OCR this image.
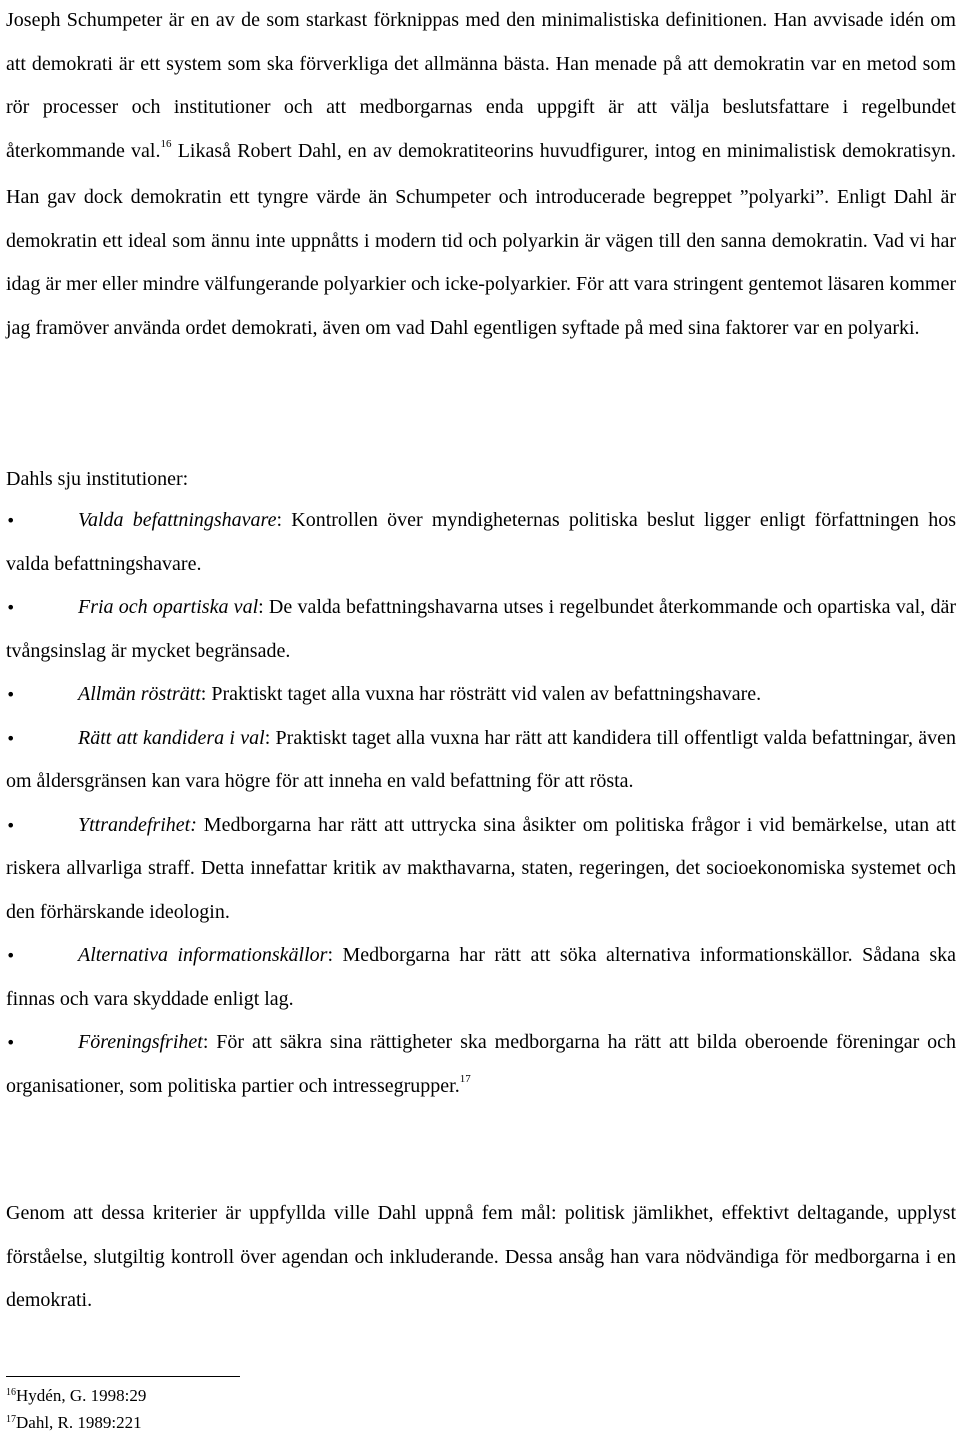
Joseph Schumpeter är en av de som starkast förknippas med den minimalistiska definitionen. Han avvisade idén om att demokrati är ett system som ska förverkliga det allmänna bästa. Han menade på att demokratin var en metod som rör processer och institutioner och att medborgarnas enda uppgift är att välja beslutsfattare i regelbundet återkommande val.$^{16}$ Likaså Robert Dahl, en av demokratiteorins huvudfigurer, intog en minimalistisk demokratisyn. Han gav dock demokratin ett tyngre värde än Schumpeter och introducerade begreppet ”polyarki”. Enligt Dahl är demokratin ett ideal som ännu inte uppnåtts i modern tid och polyarkin är vägen till den sanna demokratin. Vad vi har idag är mer eller mindre välfungerande polyarkier och icke-polyarkier. För att vara stringent gentemot läsaren kommer jag framöver använda ordet demokrati, även om vad Dahl egentligen syftade på med sina faktorer var en polyarki.

Dahls sju institutioner:

•	Valda befattningshavare: Kontrollen över myndigheternas politiska beslut ligger enligt författningen hos valda befattningshavare.
•	Fria och opartiska val: De valda befattningshavarna utses i regelbundet återkommande och opartiska val, där tvångsinslag är mycket begränsade.
•	Allmän rösträtt: Praktiskt taget alla vuxna har rösträtt vid valen av befattningshavare.
•	Rätt att kandidera i val: Praktiskt taget alla vuxna har rätt att kandidera till offentligt valda befattningar, även om åldersgränsen kan vara högre för att inneha en vald befattning för att rösta.
•	Yttrandefrihet: Medborgarna har rätt att uttrycka sina åsikter om politiska frågor i vid bemärkelse, utan att riskera allvarliga straff. Detta innefattar kritik av makthavarna, staten, regeringen, det socioekonomiska systemet och den förhärskande ideologin.
•	Alternativa informationskällor: Medborgarna har rätt att söka alternativa informationskällor. Sådana ska finnas och vara skyddade enligt lag.
•	Föreningsfrihet: För att säkra sina rättigheter ska medborgarna ha rätt att bilda oberoende föreningar och organisationer, som politiska partier och intressegrupper.$^{17}$

Genom att dessa kriterier är uppfyllda ville Dahl uppnå fem mål: politisk jämlikhet, effektivt deltagande, upplyst förståelse, slutgiltig kontroll över agendan och inkluderande. Dessa ansåg han vara nödvändiga för medborgarna i en demokrati.

$^{16}$Hydén, G. 1998:29
$^{17}$Dahl, R. 1989:221
